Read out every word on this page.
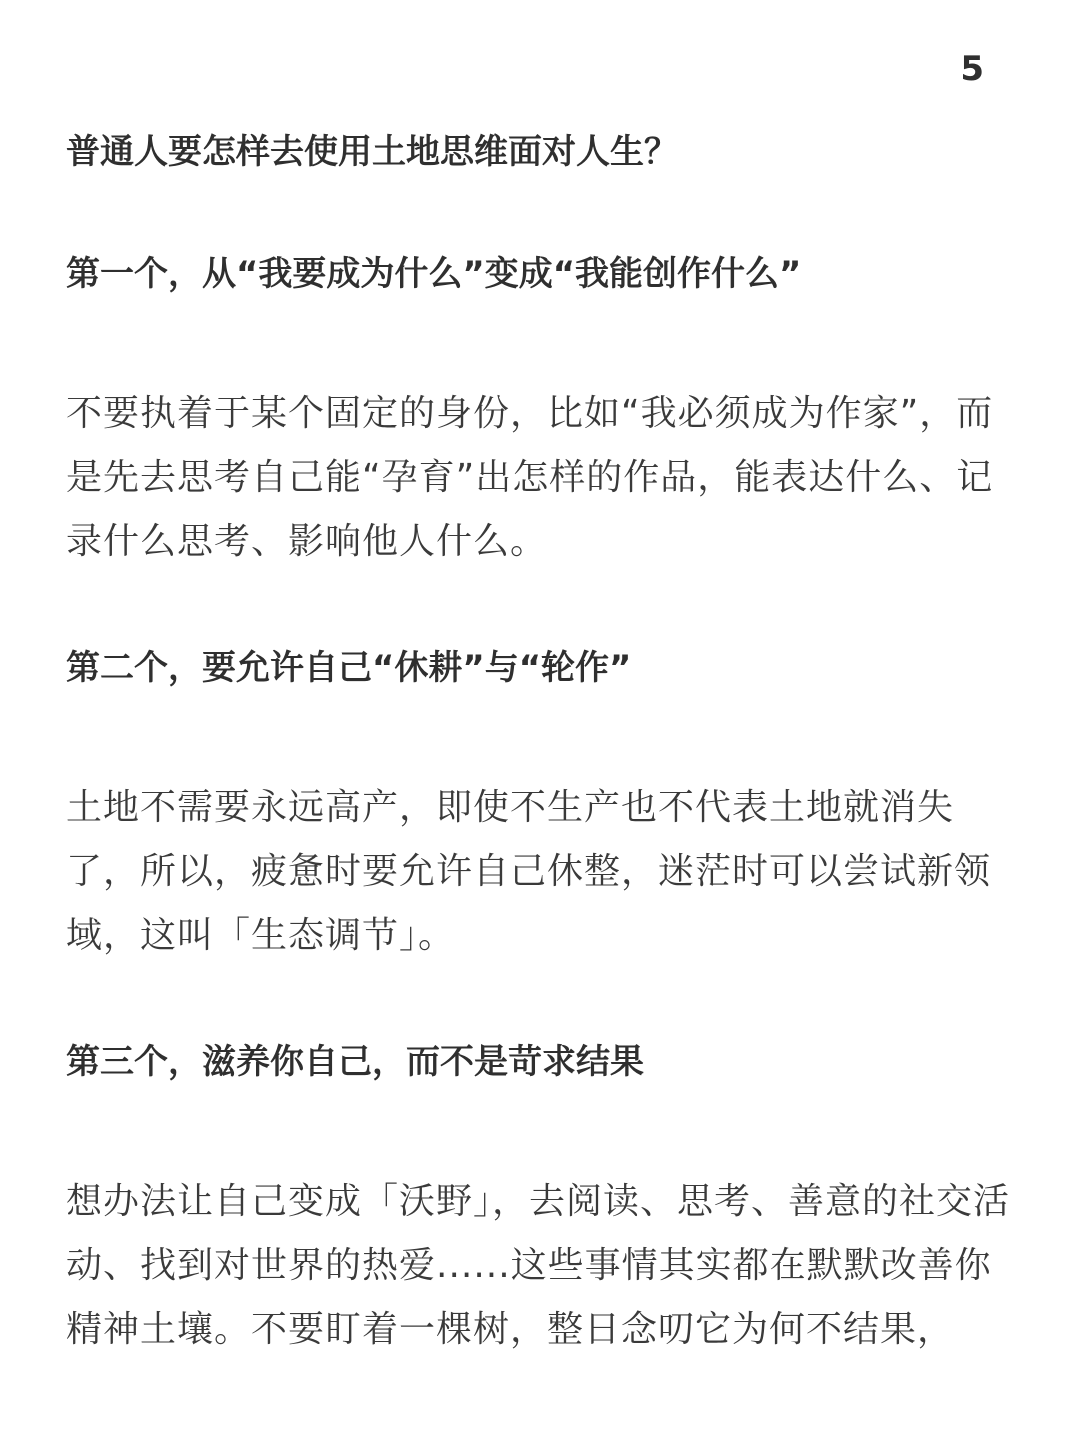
5
普通人要怎样去使用土地思维面对人生？
第一个，从“我要成为什么”变成“我能创作什么”

不要执着于某个固定的身份，比如“我必须成为作家”，而是先去思考自己能“孕育”出怎样的作品，能表达什么、记录什么思考、影响他人什么。

第二个，要允许自己“休耕”与“轮作”

土地不需要永远高产，即使不生产也不代表土地就消失了，所以，疲惫时要允许自己休整，迷茫时可以尝试新领域，这叫「生态调节」。

第三个，滋养你自己，而不是苛求结果

想办法让自己变成「沃野」，去阅读、思考、善意的社交活动、找到对世界的热爱......这些事情其实都在默默改善你精神土壤。不要盯着一棵树，整日念叨它为何不结果，
